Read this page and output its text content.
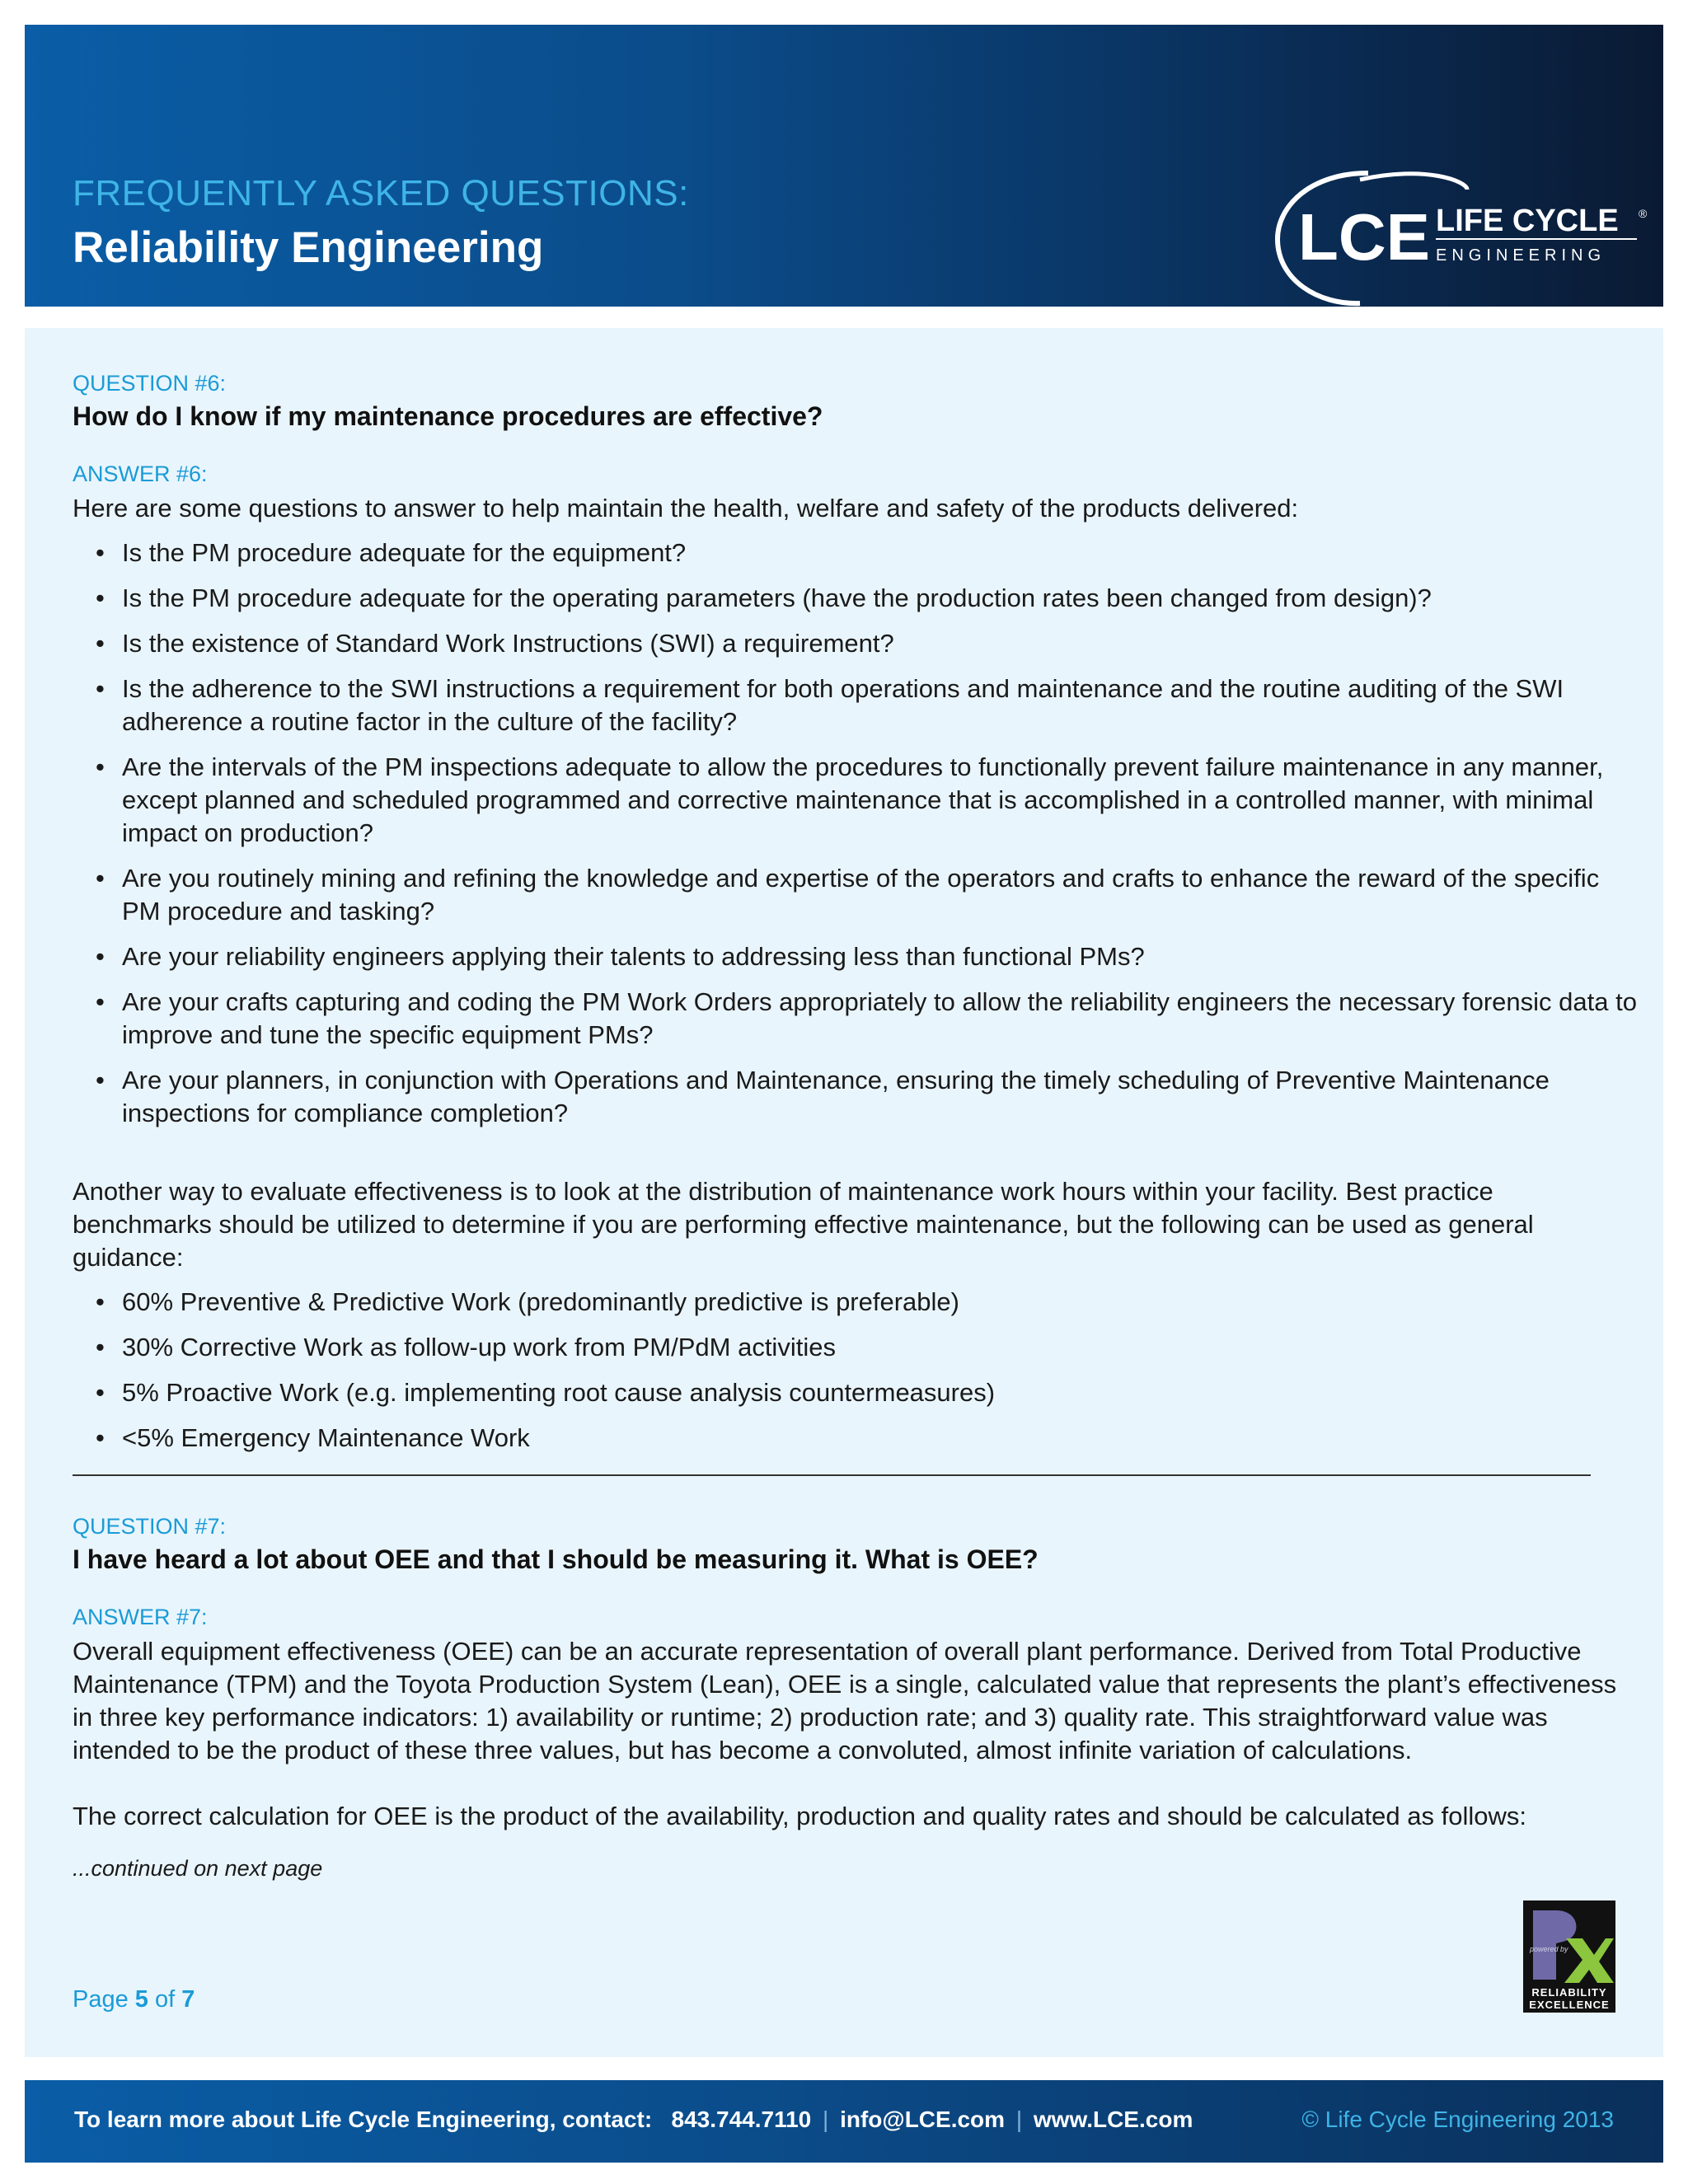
FREQUENTLY ASKED QUESTIONS:
Reliability Engineering	LCE LIFE CYCLE ®
ENGINEERING
QUESTION #6:
How do I know if my maintenance procedures are effective?
ANSWER #6:
Here are some questions to answer to help maintain the health, welfare and safety of the products delivered:
• Is the PM procedure adequate for the equipment?
• Is the PM procedure adequate for the operating parameters (have the production rates been changed from design)?
• Is the existence of Standard Work Instructions (SWI) a requirement?
• Is the adherence to the SWI instructions a requirement for both operations and maintenance and the routine auditing of the SWI adherence a routine factor in the culture of the facility?
• Are the intervals of the PM inspections adequate to allow the procedures to functionally prevent failure maintenance in any manner, except planned and scheduled programmed and corrective maintenance that is accomplished in a controlled manner, with minimal impact on production?
• Are you routinely mining and refining the knowledge and expertise of the operators and crafts to enhance the reward of the specific PM procedure and tasking?
• Are your reliability engineers applying their talents to addressing less than functional PMs?
• Are your crafts capturing and coding the PM Work Orders appropriately to allow the reliability engineers the necessary forensic data to improve and tune the specific equipment PMs?
• Are your planners, in conjunction with Operations and Maintenance, ensuring the timely scheduling of Preventive Maintenance inspections for compliance completion?
Another way to evaluate effectiveness is to look at the distribution of maintenance work hours within your facility. Best practice benchmarks should be utilized to determine if you are performing effective maintenance, but the following can be used as general guidance:
• 60% Preventive & Predictive Work (predominantly predictive is preferable)
• 30% Corrective Work as follow-up work from PM/PdM activities
• 5% Proactive Work (e.g. implementing root cause analysis countermeasures)
• <5% Emergency Maintenance Work
QUESTION #7:
I have heard a lot about OEE and that I should be measuring it. What is OEE?
ANSWER #7:
Overall equipment effectiveness (OEE) can be an accurate representation of overall plant performance. Derived from Total Productive Maintenance (TPM) and the Toyota Production System (Lean), OEE is a single, calculated value that represents the plant’s effectiveness in three key performance indicators: 1) availability or runtime; 2) production rate; and 3) quality rate. This straightforward value was intended to be the product of these three values, but has become a convoluted, almost infinite variation of calculations.
The correct calculation for OEE is the product of the availability, production and quality rates and should be calculated as follows:
...continued on next page
Page 5 of 7
powered by
RELIABILITY
EXCELLENCE
To learn more about Life Cycle Engineering, contact: 843.744.7110 | info@LCE.com | www.LCE.com	© Life Cycle Engineering 2013
